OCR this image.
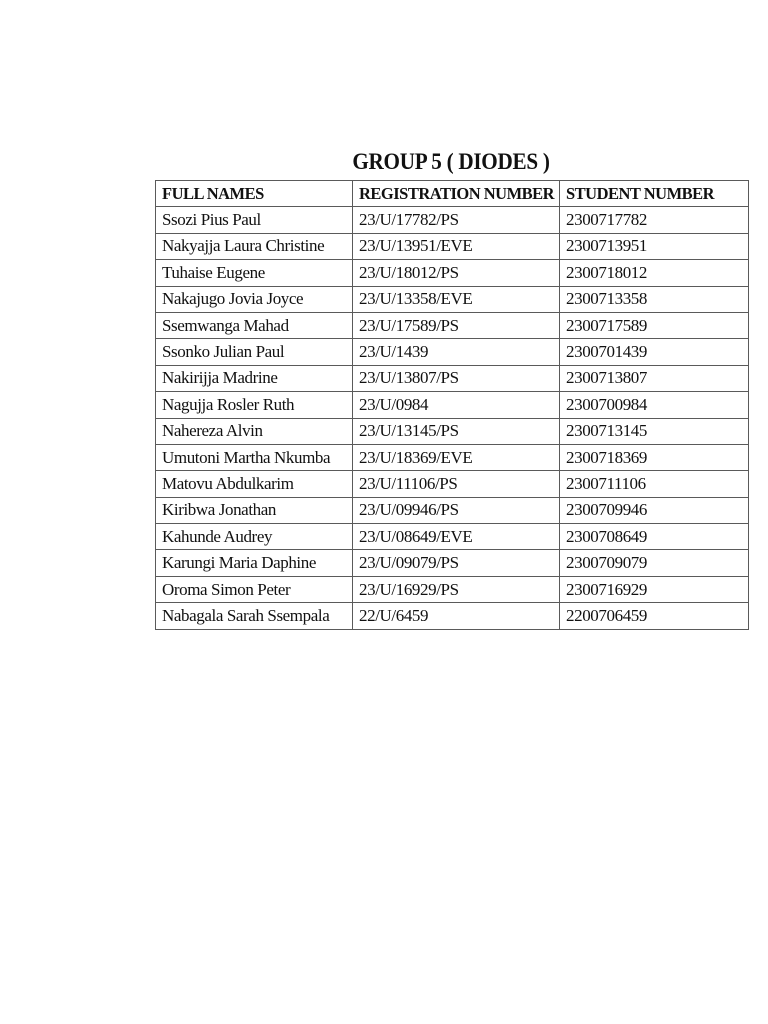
GROUP 5 ( DIODES )
FULL NAMES	REGISTRATION NUMBER	STUDENT NUMBER
Ssozi Pius Paul	23/U/17782/PS	2300717782
Nakyajja Laura Christine	23/U/13951/EVE	2300713951
Tuhaise Eugene	23/U/18012/PS	2300718012
Nakajugo Jovia Joyce	23/U/13358/EVE	2300713358
Ssemwanga Mahad	23/U/17589/PS	2300717589
Ssonko Julian Paul	23/U/1439	2300701439
Nakirijja Madrine	23/U/13807/PS	2300713807
Nagujja Rosler Ruth	23/U/0984	2300700984
Nahereza Alvin	23/U/13145/PS	2300713145
Umutoni Martha Nkumba	23/U/18369/EVE	2300718369
Matovu Abdulkarim	23/U/11106/PS	2300711106
Kiribwa Jonathan	23/U/09946/PS	2300709946
Kahunde Audrey	23/U/08649/EVE	2300708649
Karungi Maria Daphine	23/U/09079/PS	2300709079
Oroma Simon Peter	23/U/16929/PS	2300716929
Nabagala Sarah Ssempala	22/U/6459	2200706459
